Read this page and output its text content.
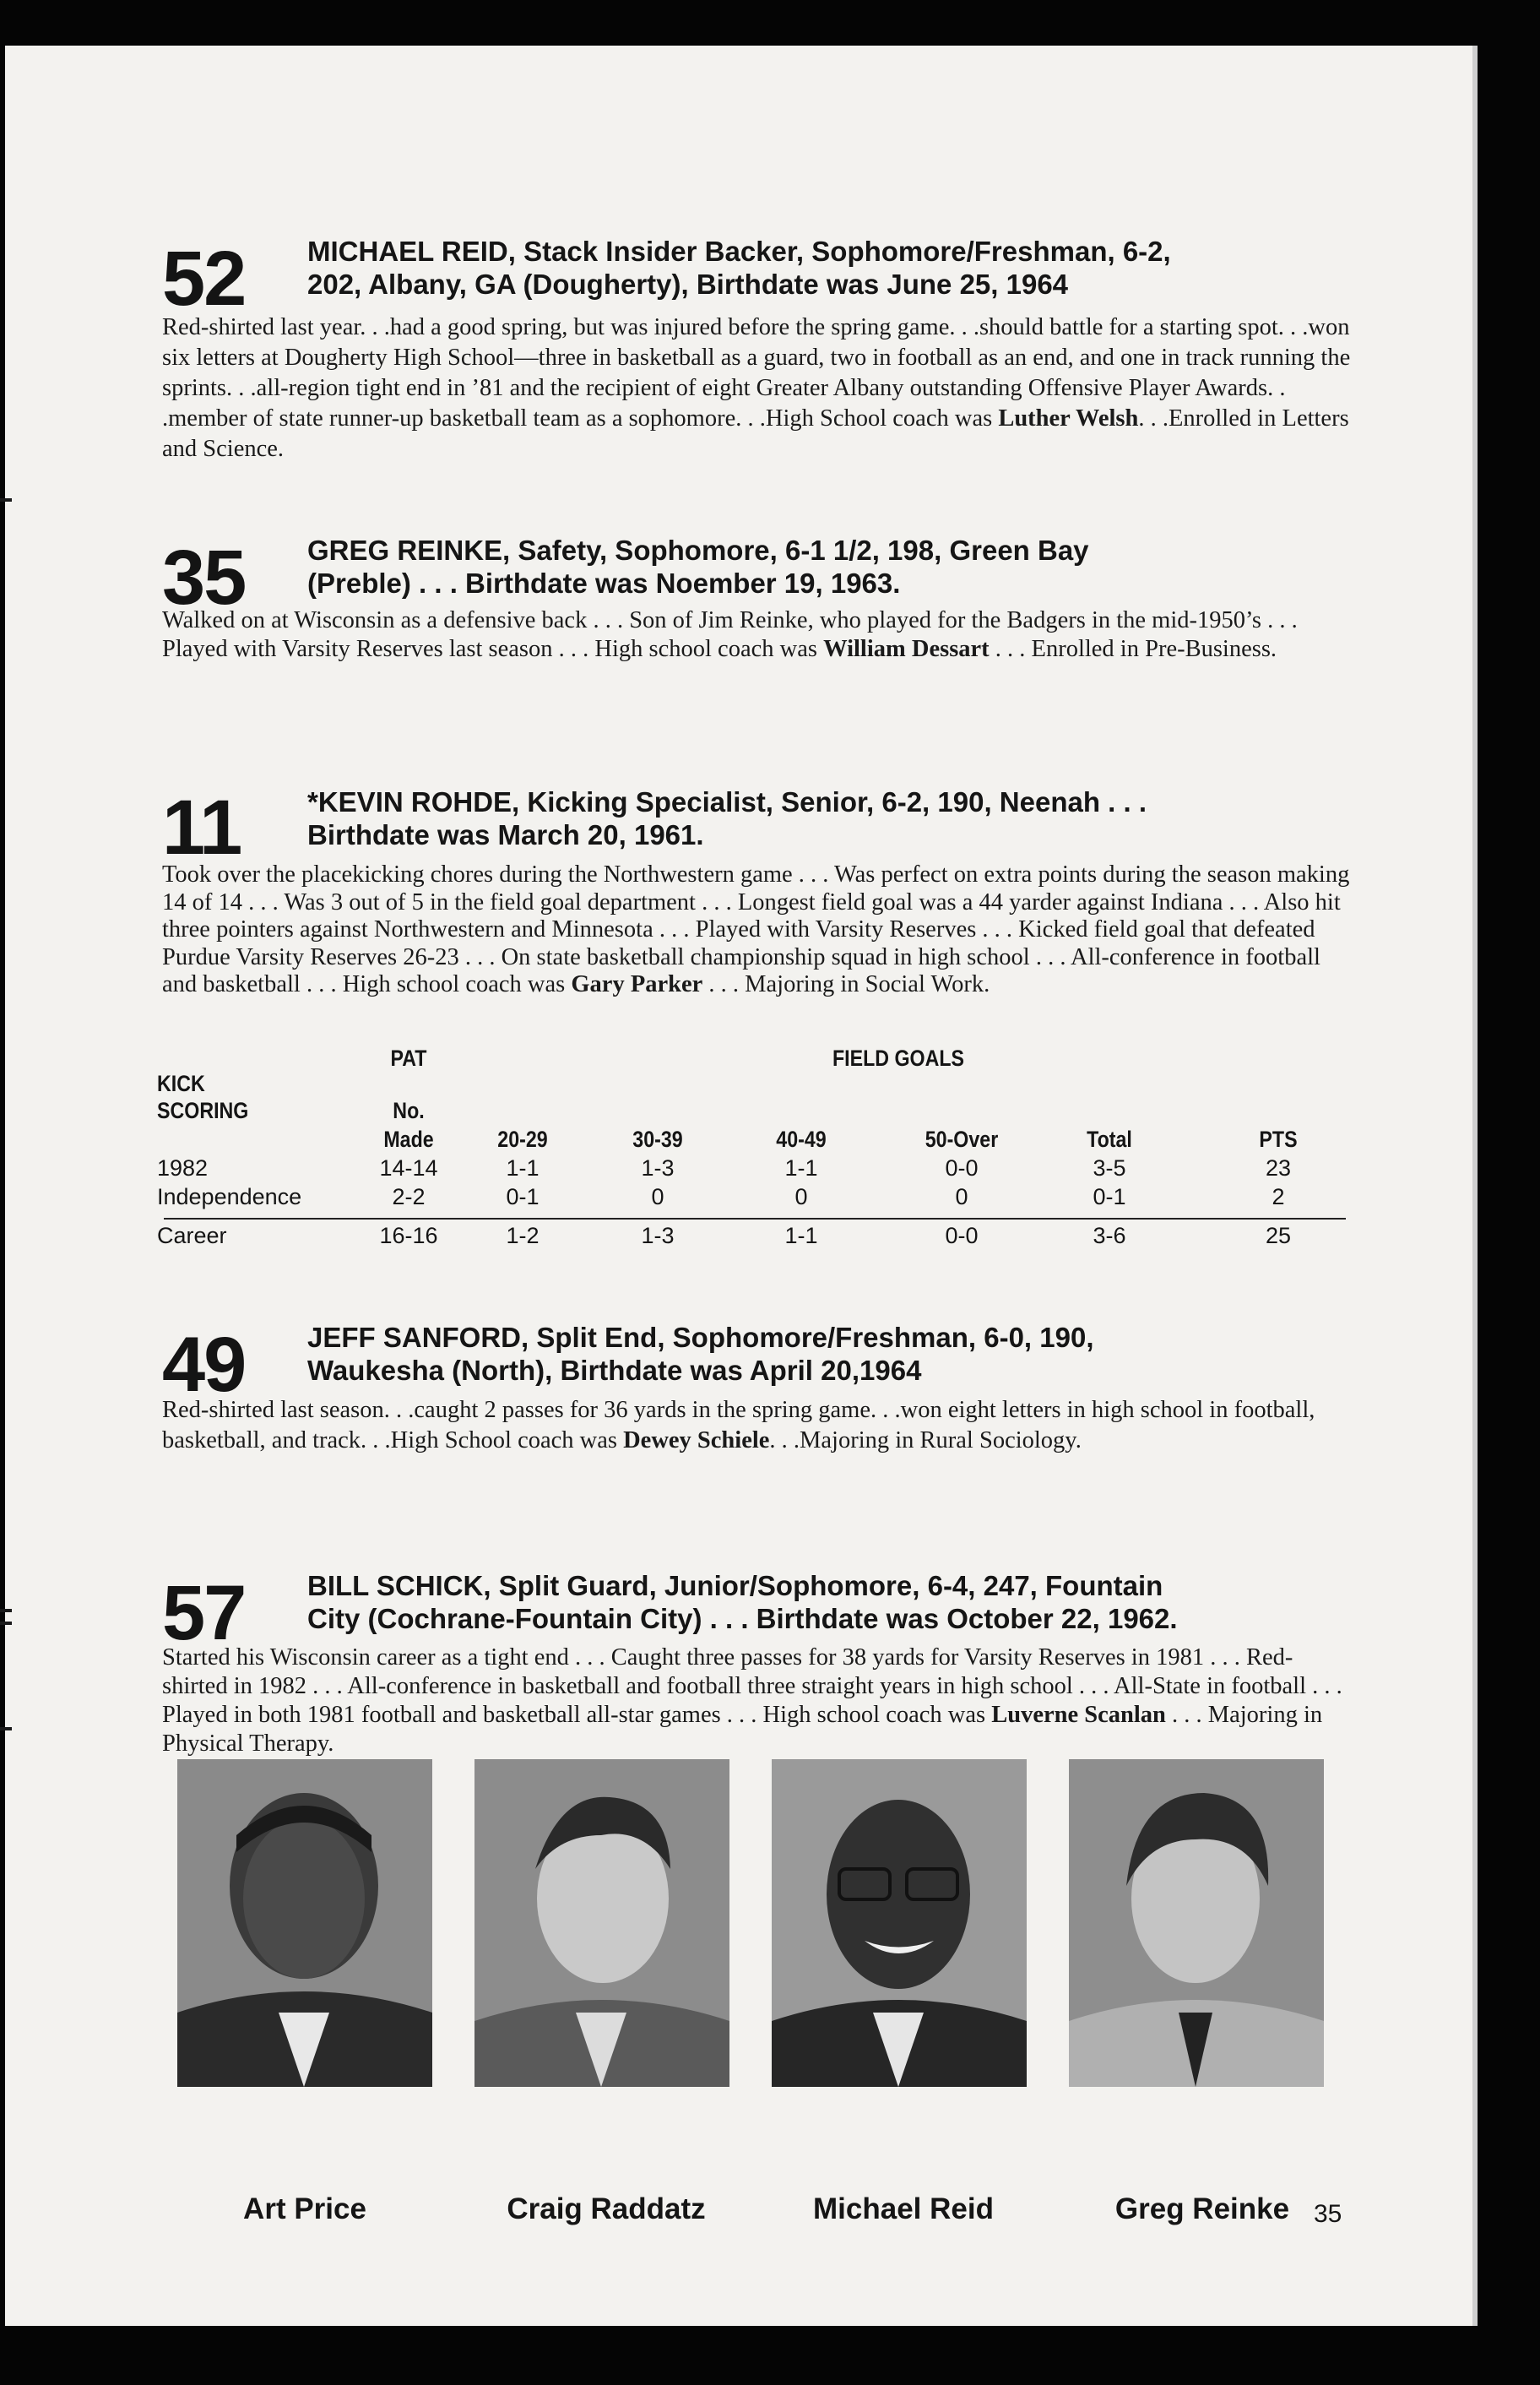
52 MICHAEL REID, Stack Insider Backer, Sophomore/Freshman, 6-2,
202, Albany, GA (Dougherty), Birthdate was June 25, 1964
Red-shirted last year. . .had a good spring, but was injured before the spring game. . .should battle for a starting spot. . .won six letters at Dougherty High School—three in basketball as a guard, two in football as an end, and one in track running the sprints. . .all-region tight end in ’81 and the recipient of eight Greater Albany outstanding Offensive Player Awards. . .member of state runner-up basketball team as a sophomore. . .High School coach was Luther Welsh. . .Enrolled in Letters and Science.
35 GREG REINKE, Safety, Sophomore, 6-1 1/2, 198, Green Bay
(Preble) . . . Birthdate was Noember 19, 1963.
Walked on at Wisconsin as a defensive back . . . Son of Jim Reinke, who played for the Badgers in the mid-1950’s . . . Played with Varsity Reserves last season . . . High school coach was William Dessart . . . Enrolled in Pre-Business.
11 *KEVIN ROHDE, Kicking Specialist, Senior, 6-2, 190, Neenah . . .
Birthdate was March 20, 1961.
Took over the placekicking chores during the Northwestern game . . . Was perfect on extra points during the season making 14 of 14 . . . Was 3 out of 5 in the field goal department . . . Longest field goal was a 44 yarder against Indiana . . . Also hit three pointers against Northwestern and Minnesota . . . Played with Varsity Reserves . . . Kicked field goal that defeated Purdue Varsity Reserves 26-23 . . . On state basketball championship squad in high school . . . All-conference in football and basketball . . . High school coach was Gary Parker . . . Majoring in Social Work.
PAT	FIELD GOALS
KICK
SCORING	No.
Made	20-29	30-39	40-49	50-Over	Total	PTS
1982	14-14	1-1	1-3	1-1	0-0	3-5	23
Independence	2-2	0-1	0	0	0	0-1	2
Career	16-16	1-2	1-3	1-1	0-0	3-6	25
49 JEFF SANFORD, Split End, Sophomore/Freshman, 6-0, 190,
Waukesha (North), Birthdate was April 20,1964
Red-shirted last season. . .caught 2 passes for 36 yards in the spring game. . .won eight letters in high school in football, basketball, and track. . .High School coach was Dewey Schiele. . .Majoring in Rural Sociology.
57 BILL SCHICK, Split Guard, Junior/Sophomore, 6-4, 247, Fountain
City (Cochrane-Fountain City) . . . Birthdate was October 22, 1962.
Started his Wisconsin career as a tight end . . . Caught three passes for 38 yards for Varsity Reserves in 1981 . . . Red-shirted in 1982 . . . All-conference in basketball and football three straight years in high school . . . All-State in football . . . Played in both 1981 football and basketball all-star games . . . High school coach was Luverne Scanlan . . . Majoring in Physical Therapy.
Art Price	Craig Raddatz	Michael Reid	Greg Reinke 35
